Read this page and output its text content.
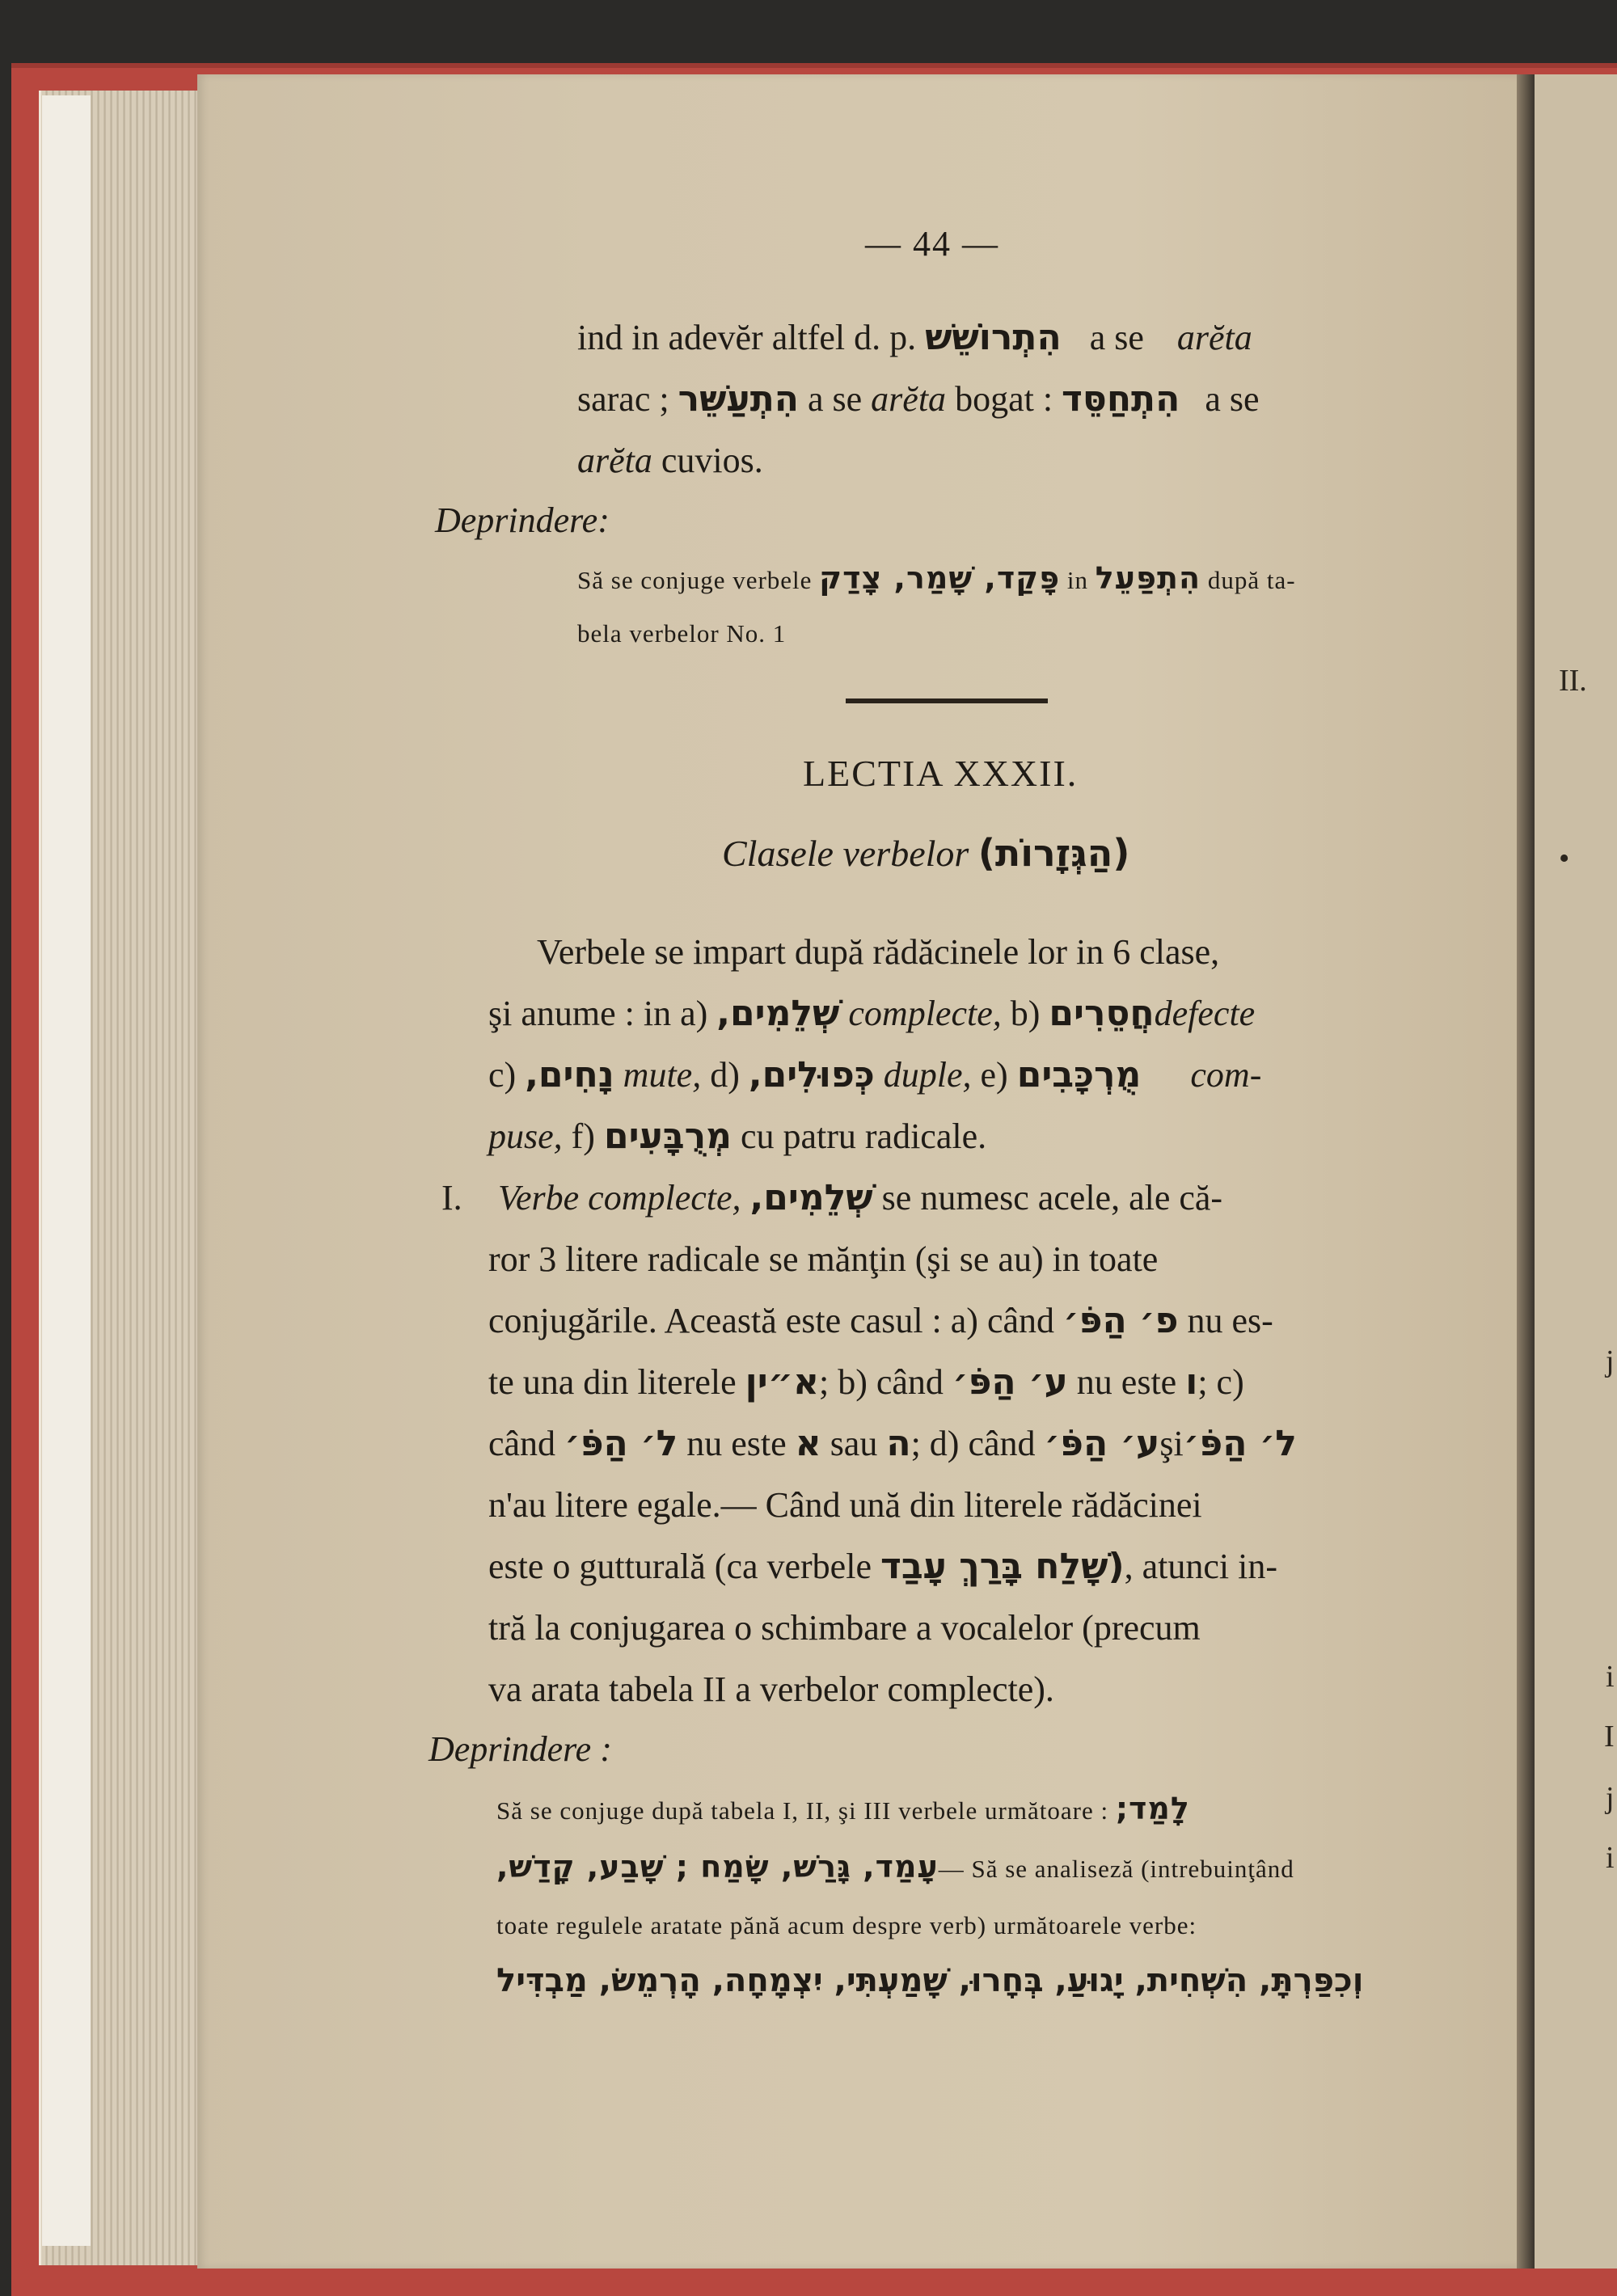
II.
•
j
i
I
j
i
— 44 —
ind in adevĕr altfel d. p. הִתְרוֹשֵׁשׁ a se arĕta
sarac ; הִתְעַשֵּׁר a se arĕta bogat : הִתְחַסֵּד a se
arĕta cuvios.
Deprindere:
Să se conjuge verbele פָּקַד, שָׁמַר, צָדַק in הִתְפַּעֵל după ta-
bela verbelor No. 1
LECTIA XXXII.
Clasele verbelor (הַגְּזָרוֹת)
Verbele se impart după rădăcinele lor in 6 clase,
şi anume : in a) שְׁלֵמִים, complecte, b) חֲסֵרִיםdefecte
c) נָחִים, mute, d) כְּפוּלִים, duple, e) מֻרְכָּבִים com-
puse, f) מְרֻבָּעִים cu patru radicale.
I. Verbe complecte, שְׁלֵמִים, se numesc acele, ale că-
ror 3 litere radicale se mănţin (şi se au) in toate
conjugările. Această este casul : a) când פ׳ הַפֹּ׳ nu es-
te una din literele א״ין; b) când ע׳ הַפֹּ׳ nu este ו; c)
când ל׳ הַפֹּ׳ nu este א sau ה; d) când ע׳ הַפֹּ׳şiל׳ הַפֹּ׳
n'au litere egale.— Când ună din literele rădăcinei
este o gutturală (ca verbele (שָׁלַח בָּרַךְ עָבַד, atunci in-
tră la conjugarea o schimbare a vocalelor (precum
va arata tabela II a verbelor complecte).
Deprindere :
Să se conjuge după tabela I, II, şi III verbele următoare : לָמַד;
עָמַד, גָּרַשׁ, שָׂמַח ; שָׁבַע, קָדַשׁ,— Să se analiseză (intrebuinţând
toate regulele aratate pănă acum despre verb) următoarele verbe:
וְכִפַּרְתָּ, הִשְׁחִית, יָגוּעַ, בְּחָרוּ, שָׁמַעְתִּי, יִצְמָחָה, הָרְמֵשׂ, מַבְדִּיל
